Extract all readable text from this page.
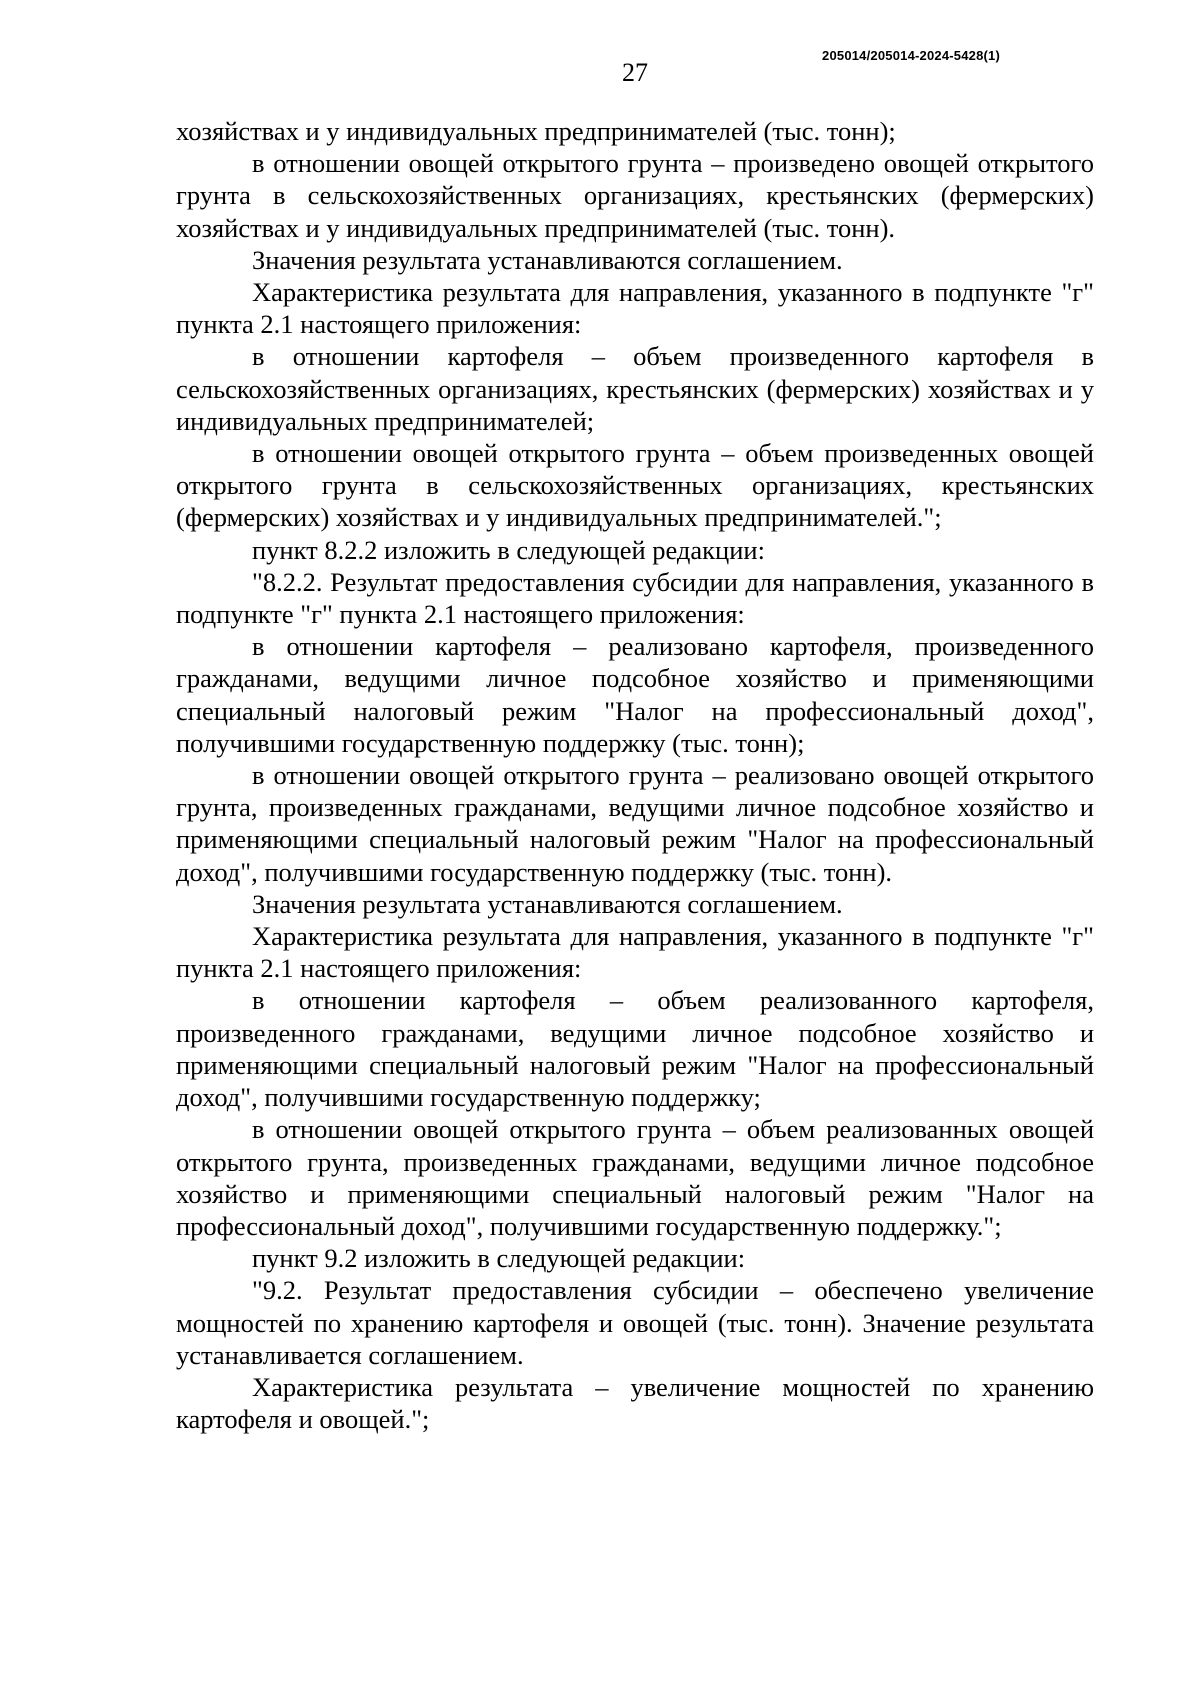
205014/205014-2024-5428(1)
27

хозяйствах и у индивидуальных предпринимателей (тыс. тонн);

в отношении овощей открытого грунта – произведено овощей открытого грунта в сельскохозяйственных организациях, крестьянских (фермерских) хозяйствах и у индивидуальных предпринимателей (тыс. тонн).

Значения результата устанавливаются соглашением.

Характеристика результата для направления, указанного в подпункте "г" пункта 2.1 настоящего приложения:

в отношении картофеля – объем произведенного картофеля в сельскохозяйственных организациях, крестьянских (фермерских) хозяйствах и у индивидуальных предпринимателей;

в отношении овощей открытого грунта – объем произведенных овощей открытого грунта в сельскохозяйственных организациях, крестьянских (фермерских) хозяйствах и у индивидуальных предпринимателей.";

пункт 8.2.2 изложить в следующей редакции:

"8.2.2. Результат предоставления субсидии для направления, указанного в подпункте "г" пункта 2.1 настоящего приложения:

в отношении картофеля – реализовано картофеля, произведенного гражданами, ведущими личное подсобное хозяйство и применяющими специальный налоговый режим "Налог на профессиональный доход", получившими государственную поддержку (тыс. тонн);

в отношении овощей открытого грунта – реализовано овощей открытого грунта, произведенных гражданами, ведущими личное подсобное хозяйство и применяющими специальный налоговый режим "Налог на профессиональный доход", получившими государственную поддержку (тыс. тонн).

Значения результата устанавливаются соглашением.

Характеристика результата для направления, указанного в подпункте "г" пункта 2.1 настоящего приложения:

в отношении картофеля – объем реализованного картофеля, произведенного гражданами, ведущими личное подсобное хозяйство и применяющими специальный налоговый режим "Налог на профессиональный доход", получившими государственную поддержку;

в отношении овощей открытого грунта – объем реализованных овощей открытого грунта, произведенных гражданами, ведущими личное подсобное хозяйство и применяющими специальный налоговый режим "Налог на профессиональный доход", получившими государственную поддержку.";

пункт 9.2 изложить в следующей редакции:

"9.2. Результат предоставления субсидии – обеспечено увеличение мощностей по хранению картофеля и овощей (тыс. тонн). Значение результата устанавливается соглашением.

Характеристика результата – увеличение мощностей по хранению картофеля и овощей.";
